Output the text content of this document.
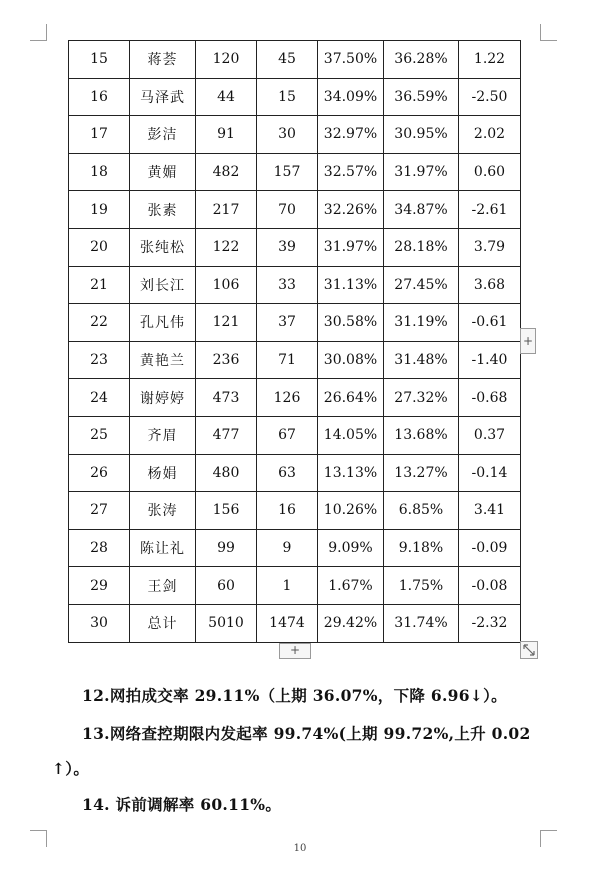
15	蒋荟	120	45	37.50%	36.28%	1.22
16	马泽武	44	15	34.09%	36.59%	-2.50
17	彭洁	91	30	32.97%	30.95%	2.02
18	黄媚	482	157	32.57%	31.97%	0.60
19	张素	217	70	32.26%	34.87%	-2.61
20	张纯松	122	39	31.97%	28.18%	3.79
21	刘长江	106	33	31.13%	27.45%	3.68
22	孔凡伟	121	37	30.58%	31.19%	-0.61
23	黄艳兰	236	71	30.08%	31.48%	-1.40
24	谢婷婷	473	126	26.64%	27.32%	-0.68
25	齐眉	477	67	14.05%	13.68%	0.37
26	杨娟	480	63	13.13%	13.27%	-0.14
27	张涛	156	16	10.26%	6.85%	3.41
28	陈让礼	99	9	9.09%	9.18%	-0.09
29	王剑	60	1	1.67%	1.75%	-0.08
30	总计	5010	1474	29.42%	31.74%	-2.32
+
+
12.网拍成交率 29.11%（上期 36.07%，下降 6.96↓）。
13.网络查控期限内发起率 99.74%(上期 99.72%,上升 0.02
↑）。
14. 诉前调解率 60.11%。
10
